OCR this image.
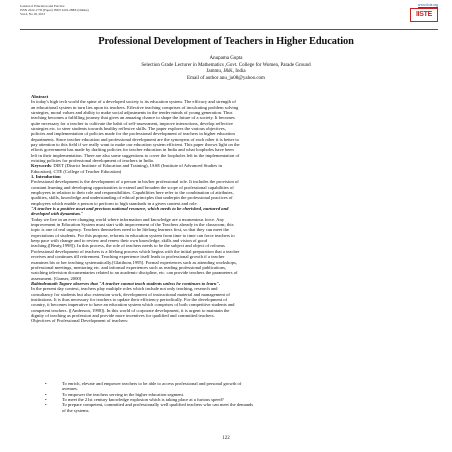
Journal of Education and Practice
ISSN 2222-1735 (Paper) ISSN 2222-288X (Online)
Vol.4, No.18, 2013
www.iiste.org
IISTE
Professional Development of Teachers in Higher Education
Anupama Gupta
Selection Grade Lecturer in Mathematics ,Govt. College for Women, Parade Ground
Jammu, J&K, India
Email of author anu_ju08@yahoo.com
Abstract
In today's high tech world the spine of a developed society is its education system. The efficacy and strength of
an educational system in turn lies upon its teachers. Effective teaching comprises of inculcating problem solving
strategies, moral values and ability to make social adjustments in the tender minds of young generation. Thus
teaching becomes a fulfilling journey that gives an amazing chance to shape the future of a society. It becomes
quite necessary for a teacher to cultivate the habit of self-assessment, improve interactions, develop reflective
strategies etc. to steer students towards healthy reflexive skills. The paper explores the various objectives,
policies and implementation of policies made for the professional development of teachers in higher education
departments. Since teacher education and professional development are the synonyms of each other it is better to
pay attention to this field if we really want to make our education system efficient. This paper throws light on the
efforts government has made by drafting policies for teacher education in India and what loopholes have been
left in their implementation. There are also some suggestions to cover the loopholes left in the implementation of
existing policies for professional development of teachers in India.
Keywords: DIET (District Institute of Education and Training), IASE (Institute of Advanced Studies in
Education), CTE (College of Teacher Education)
1. Introduction
Professional development is the development of a person in his/her professional role. It includes the provision of
constant learning and developing opportunities to extend and broaden the scope of professional capabilities of
employees in relation to their role and responsibilities. Capabilities here refer to the combination of attributes,
qualities, skills, knowledge and understanding of ethical principles that underpin the professional practices of
employees which enable a person to perform to high standards in a given context and role.
"A teacher is a positive asset and precious national resource, which needs to be cherished, nurtured and
developed with dynamism."
Today we live in an ever changing world where information and knowledge are a momentous force. Any
improvement in Education System must start with improvement of the Teachers already in the classroom; this
topic is one of real urgency. Teachers themselves need to be lifelong learners first, so that they can meet the
expectations of students. For this purpose, reforms in education system from time to time can force teachers to
keep pace with change and to review and renew their own knowledge, skills and vision of good
teaching.([Beaty,1998]). In this process, the role of teachers needs to be the subject and object of reforms
Professional development of teachers is a lifelong process which begins with the initial preparation that a teacher
receives and continues till retirement. Teaching experience itself leads to professional growth if a teacher
examines his or her teaching systematically.[Glatthorn,1995]. Formal experiences such as attending workshops,
professional meetings, mentoring etc. and informal experiences such as reading professional publications,
watching television documentaries related to an academic discipline, etc. can provide teachers the parameters of
assessment. [Ganser, 2000]
Rabindranath Tagore observes that "A teacher cannot teach students unless he continues to learn".
In the present day context, teachers play multiple roles which include not only teaching, research and
consultancy for students but also extension work, development of instructional material and management of
institutions. It is thus necessary for teachers to update their efficiency periodically. For the development of
country, it becomes imperative to have an education system which comprises of both competitive students and
competent teachers. ([Anderson, 1998]). In this world of corporate development, it is urgent to maintain the
dignity of teaching as profession and provide more incentives for qualified and committed teachers.
Objectives of Professional Development of teachers:
•	To enrich, elevate and empower teachers to be able to access professional and personal growth of
avenues.
•	To empower the teachers serving in the higher education segment.
•	To meet the 21st century knowledge explosion which is taking place at a furious speed?
•	To prepare competent, committed and professionally well qualified teachers who can meet the demands
of the systems.
122
